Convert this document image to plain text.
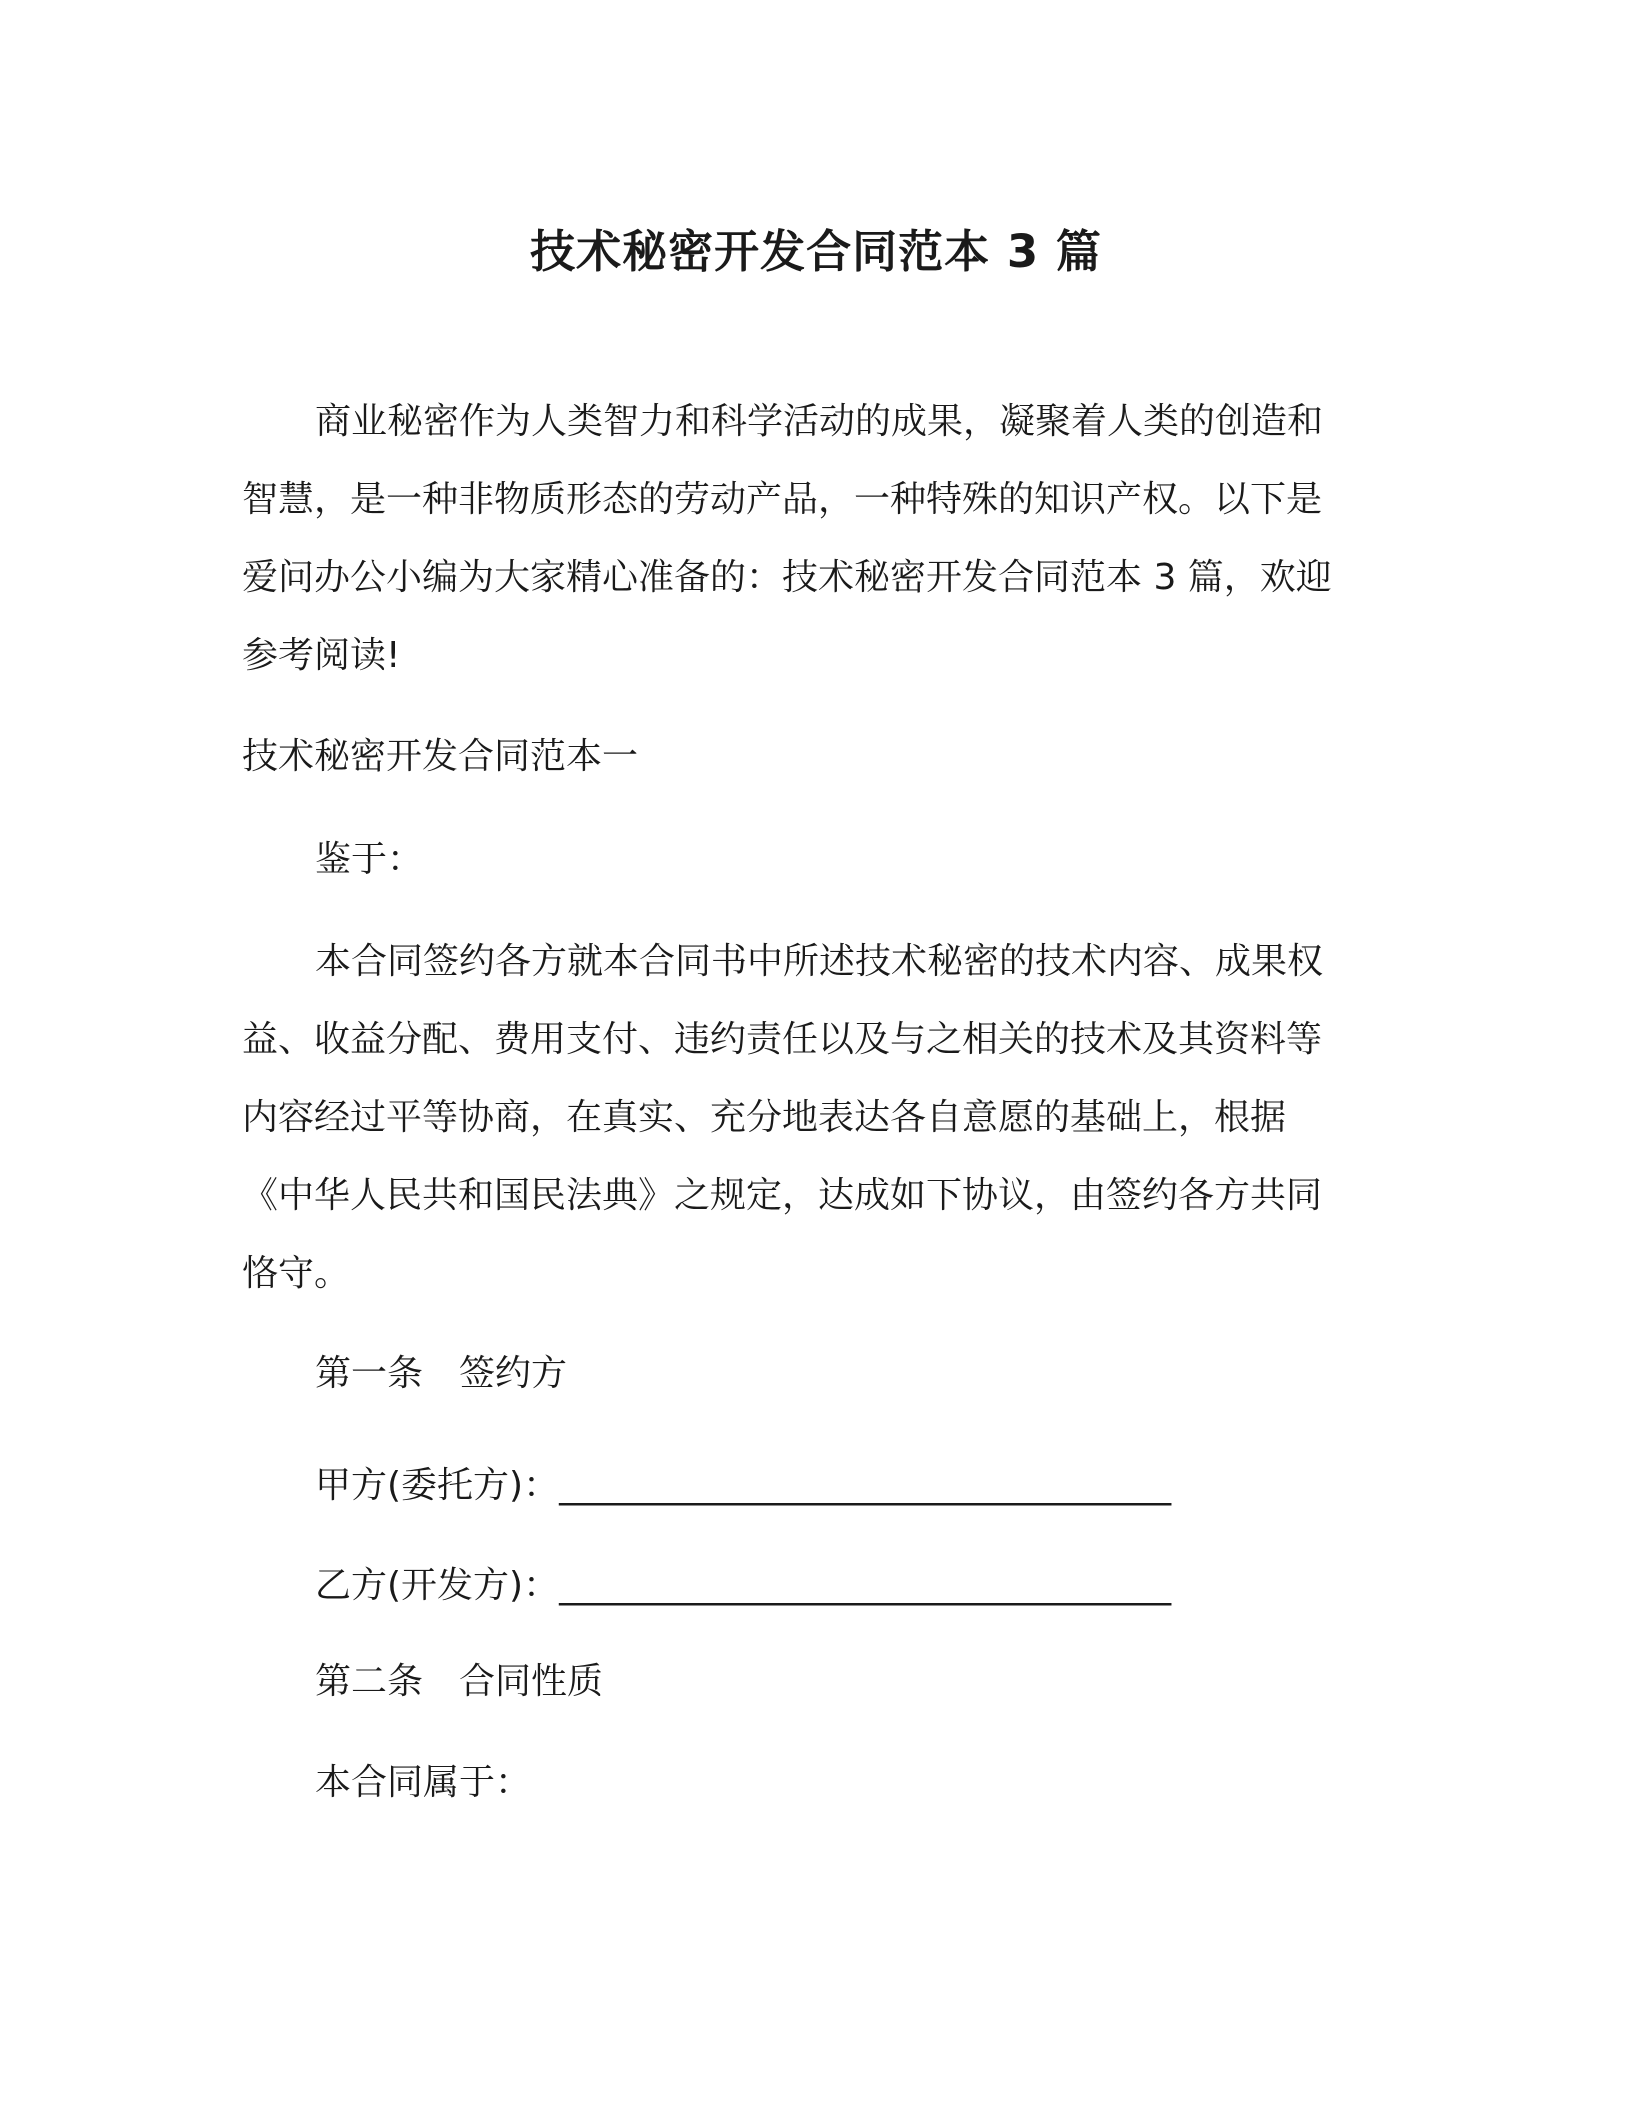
技术秘密开发合同范本 3 篇
商业秘密作为人类智力和科学活动的成果，凝聚着人类的创造和
智慧，是一种非物质形态的劳动产品，一种特殊的知识产权。以下是
爱问办公小编为大家精心准备的：技术秘密开发合同范本 3 篇，欢迎
参考阅读!
技术秘密开发合同范本一
鉴于：
本合同签约各方就本合同书中所述技术秘密的技术内容、成果权
益、收益分配、费用支付、违约责任以及与之相关的技术及其资料等
内容经过平等协商，在真实、充分地表达各自意愿的基础上，根据
《中华人民共和国民法典》之规定，达成如下协议，由签约各方共同
恪守。
第一条 签约方
甲方(委托方)：__________________________________
乙方(开发方)：__________________________________
第二条 合同性质
本合同属于：
